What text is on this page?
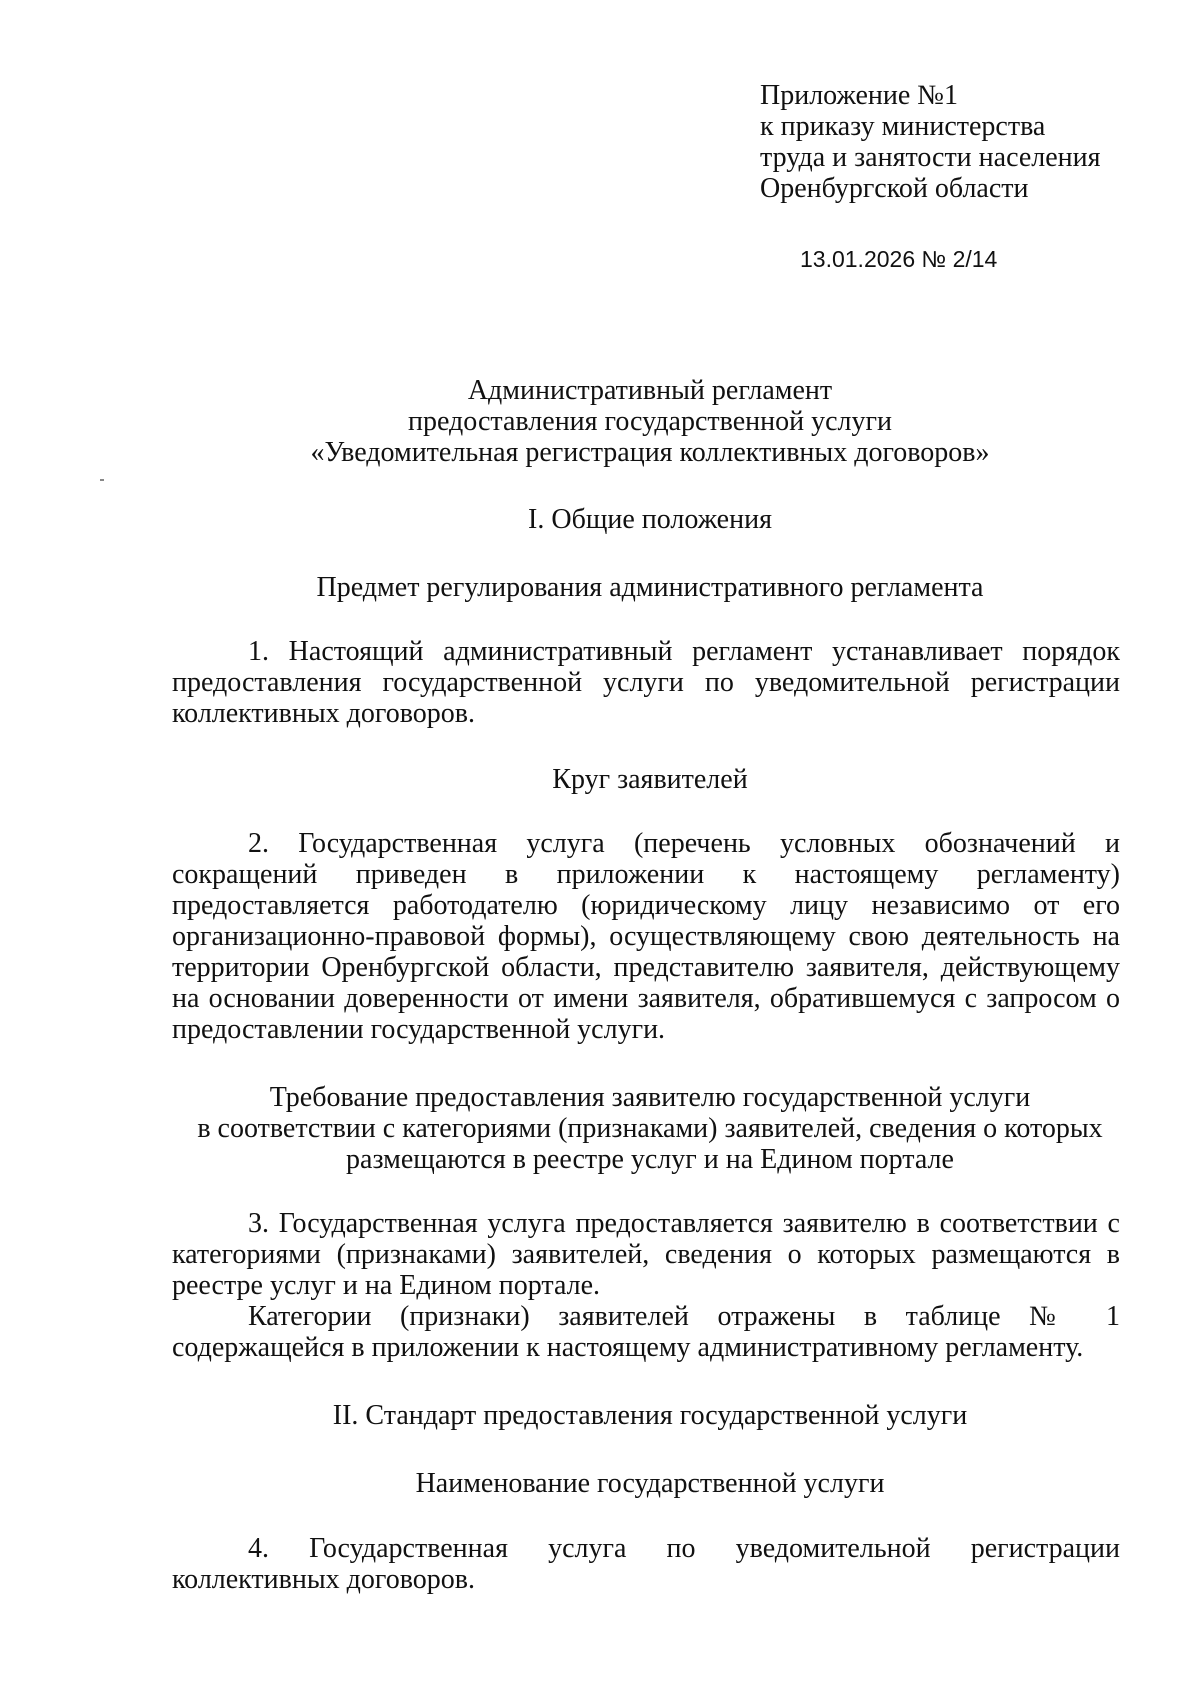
Приложение №1
к приказу министерства
труда и занятости населения
Оренбургской области
13.01.2026 № 2/14
Административный регламент
предоставления государственной услуги
«Уведомительная регистрация коллективных договоров»
I. Общие положения
Предмет регулирования административного регламента
1. Настоящий административный регламент устанавливает порядок
предоставления государственной услуги по уведомительной регистрации
коллективных договоров.
Круг заявителей
2. Государственная услуга (перечень условных обозначений и
сокращений приведен в приложении к настоящему регламенту)
предоставляется работодателю (юридическому лицу независимо от его
организационно-правовой формы), осуществляющему свою деятельность на
территории Оренбургской области, представителю заявителя, действующему
на основании доверенности от имени заявителя, обратившемуся с запросом о
предоставлении государственной услуги.
Требование предоставления заявителю государственной услуги
в соответствии с категориями (признаками) заявителей, сведения о которых
размещаются в реестре услуг и на Едином портале
3. Государственная услуга предоставляется заявителю в соответствии с
категориями (признаками) заявителей, сведения о которых размещаются в
реестре услуг и на Едином портале.
Категории (признаки) заявителей отражены в таблице № 1
содержащейся в приложении к настоящему административному регламенту.
II. Стандарт предоставления государственной услуги
Наименование государственной услуги
4. Государственная услуга по уведомительной регистрации
коллективных договоров.
